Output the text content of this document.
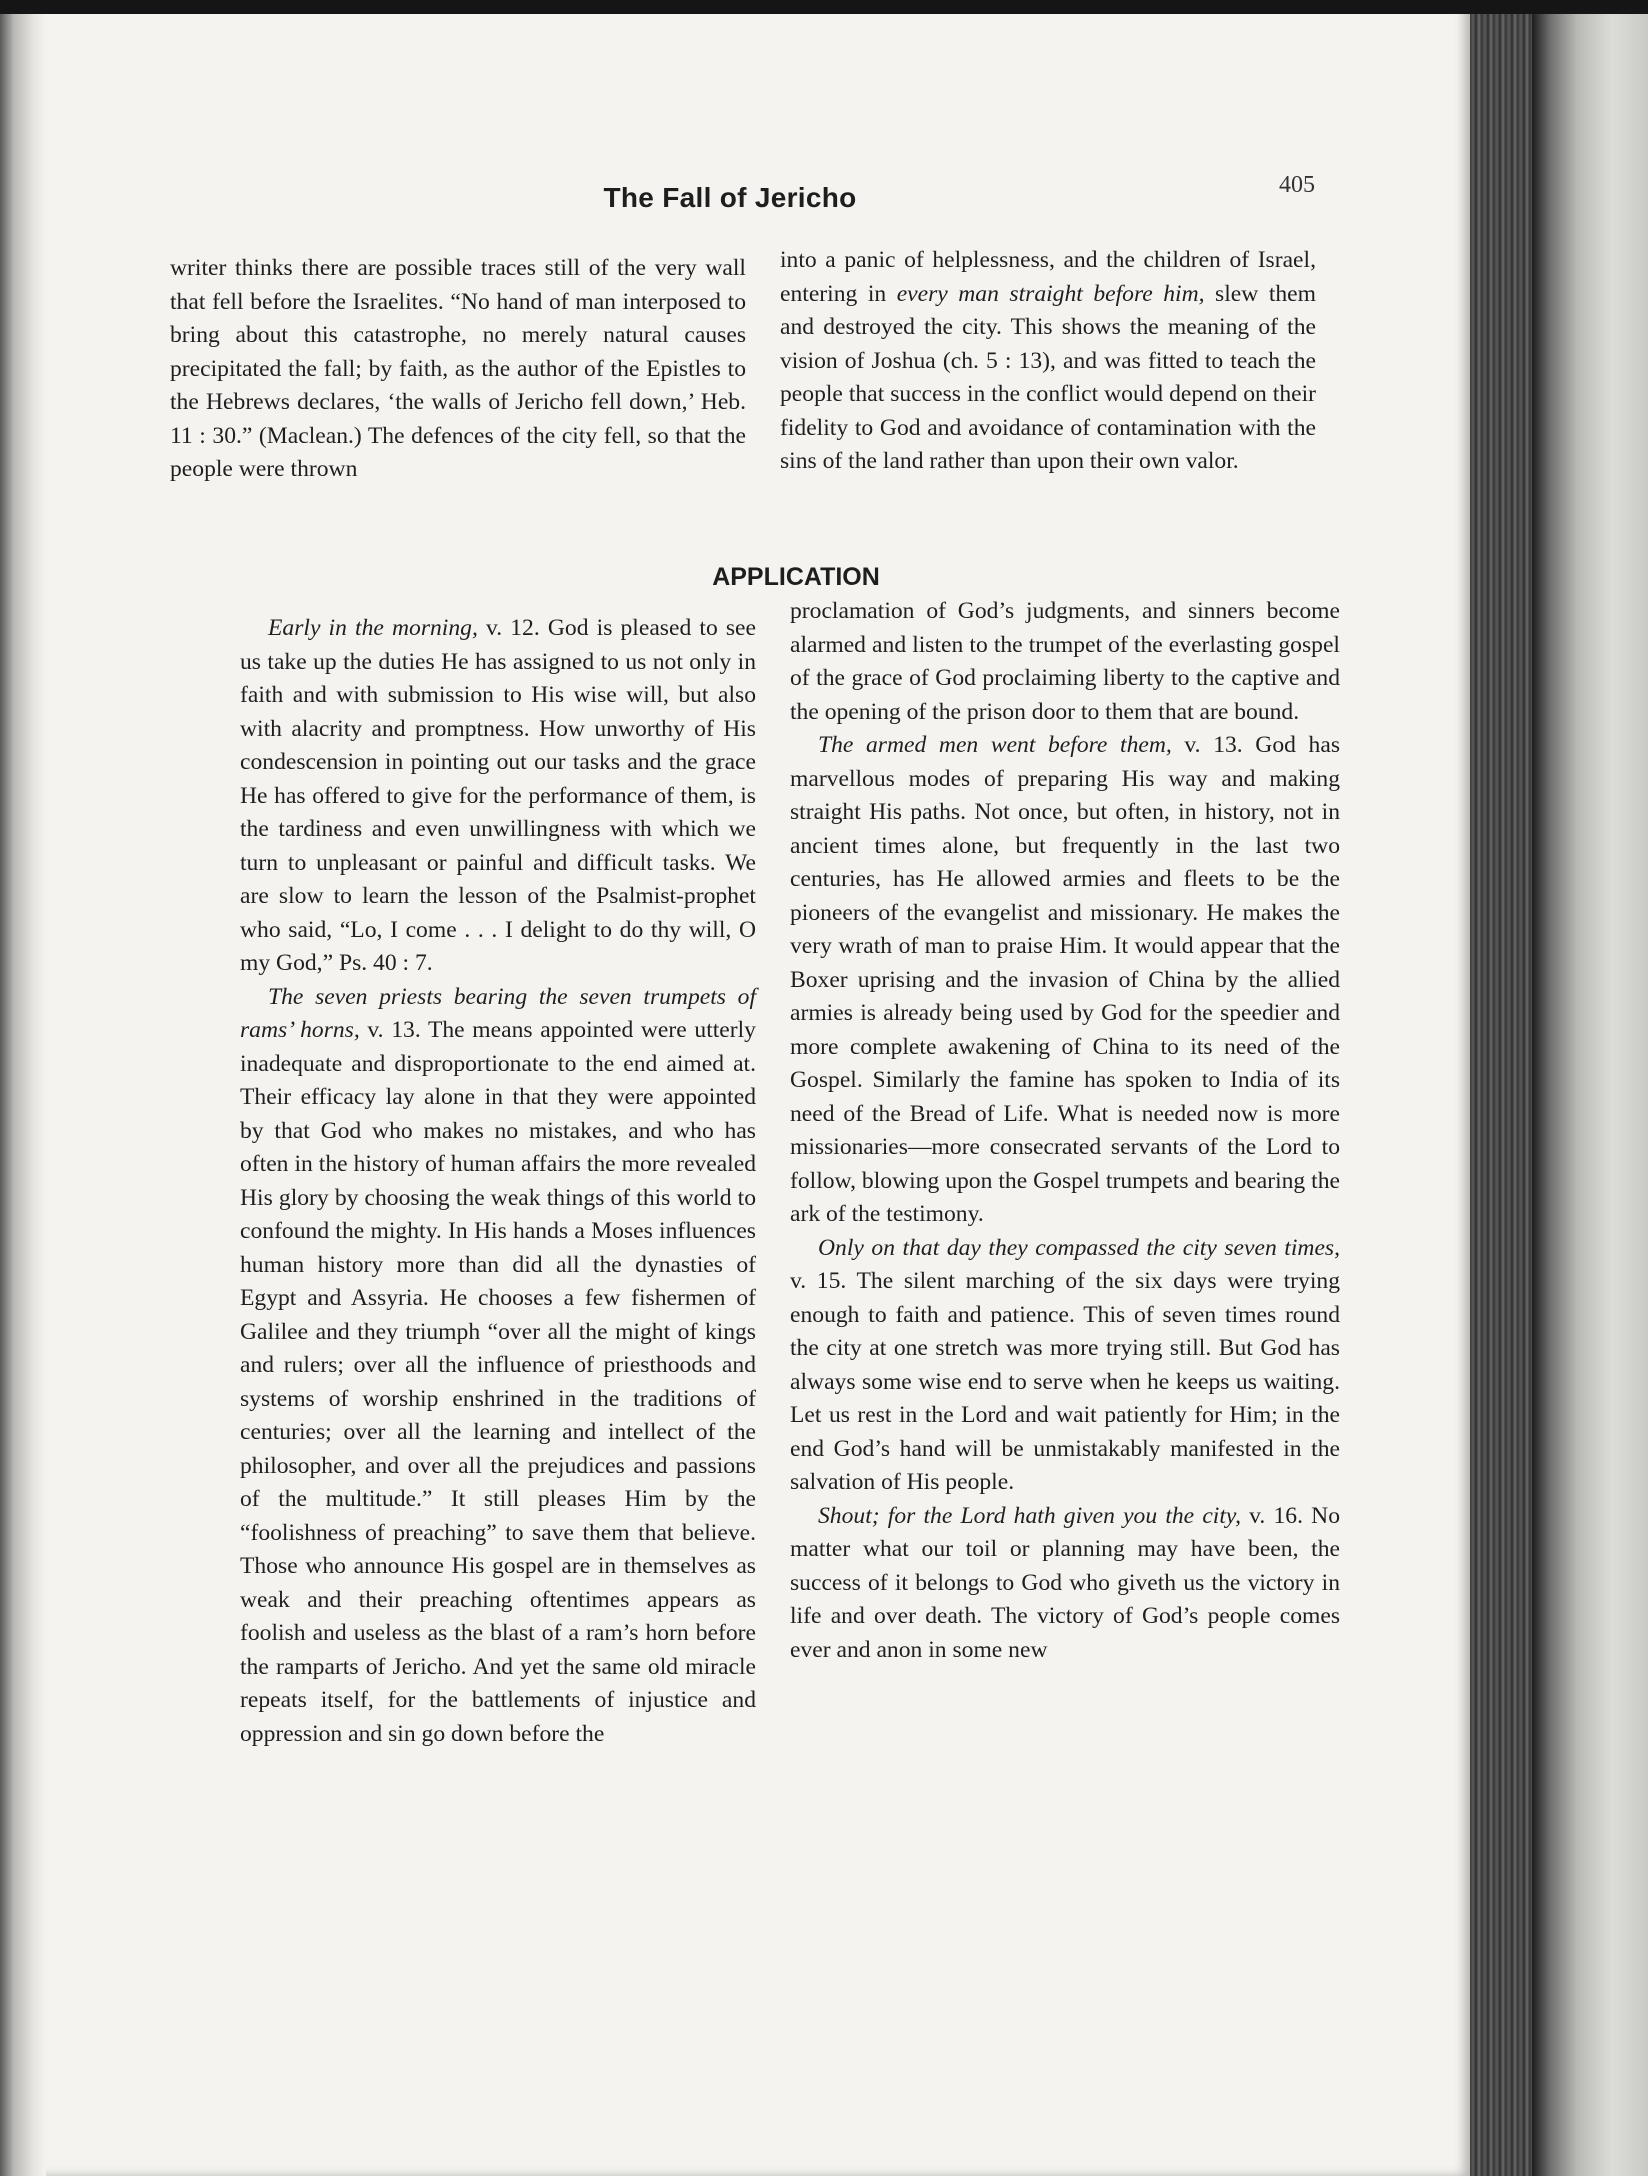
The Fall of Jericho	405

writer thinks there are possible traces still of the very wall that fell before the Israelites. “No hand of man interposed to bring about this catastrophe, no merely natural causes precipitated the fall; by faith, as the author of the Epistles to the Hebrews declares, ‘the walls of Jericho fell down,’ Heb. 11 : 30.” (Maclean.) The defences of the city fell, so that the people were thrown

into a panic of helplessness, and the children of Israel, entering in every man straight before him, slew them and destroyed the city. This shows the meaning of the vision of Joshua (ch. 5 : 13), and was fitted to teach the people that success in the conflict would depend on their fidelity to God and avoidance of contamination with the sins of the land rather than upon their own valor.

APPLICATION

Early in the morning, v. 12. God is pleased to see us take up the duties He has assigned to us not only in faith and with submission to His wise will, but also with alacrity and promptness. How unworthy of His condescension in pointing out our tasks and the grace He has offered to give for the performance of them, is the tardiness and even unwillingness with which we turn to unpleasant or painful and difficult tasks. We are slow to learn the lesson of the Psalmist-prophet who said, “Lo, I come . . . I delight to do thy will, O my God,” Ps. 40 : 7.

The seven priests bearing the seven trumpets of rams’ horns, v. 13. The means appointed were utterly inadequate and disproportionate to the end aimed at. Their efficacy lay alone in that they were appointed by that God who makes no mistakes, and who has often in the history of human affairs the more revealed His glory by choosing the weak things of this world to confound the mighty. In His hands a Moses influences human history more than did all the dynasties of Egypt and Assyria. He chooses a few fishermen of Galilee and they triumph “over all the might of kings and rulers; over all the influence of priesthoods and systems of worship enshrined in the traditions of centuries; over all the learning and intellect of the philosopher, and over all the prejudices and passions of the multitude.” It still pleases Him by the “foolishness of preaching” to save them that believe. Those who announce His gospel are in themselves as weak and their preaching oftentimes appears as foolish and useless as the blast of a ram’s horn before the ramparts of Jericho. And yet the same old miracle repeats itself, for the battlements of injustice and oppression and sin go down before the

proclamation of God’s judgments, and sinners become alarmed and listen to the trumpet of the everlasting gospel of the grace of God proclaiming liberty to the captive and the opening of the prison door to them that are bound.

The armed men went before them, v. 13. God has marvellous modes of preparing His way and making straight His paths. Not once, but often, in history, not in ancient times alone, but frequently in the last two centuries, has He allowed armies and fleets to be the pioneers of the evangelist and missionary. He makes the very wrath of man to praise Him. It would appear that the Boxer uprising and the invasion of China by the allied armies is already being used by God for the speedier and more complete awakening of China to its need of the Gospel. Similarly the famine has spoken to India of its need of the Bread of Life. What is needed now is more missionaries—more consecrated servants of the Lord to follow, blowing upon the Gospel trumpets and bearing the ark of the testimony.

Only on that day they compassed the city seven times, v. 15. The silent marching of the six days were trying enough to faith and patience. This of seven times round the city at one stretch was more trying still. But God has always some wise end to serve when he keeps us waiting. Let us rest in the Lord and wait patiently for Him; in the end God’s hand will be unmistakably manifested in the salvation of His people.

Shout; for the Lord hath given you the city, v. 16. No matter what our toil or planning may have been, the success of it belongs to God who giveth us the victory in life and over death. The victory of God’s people comes ever and anon in some new
